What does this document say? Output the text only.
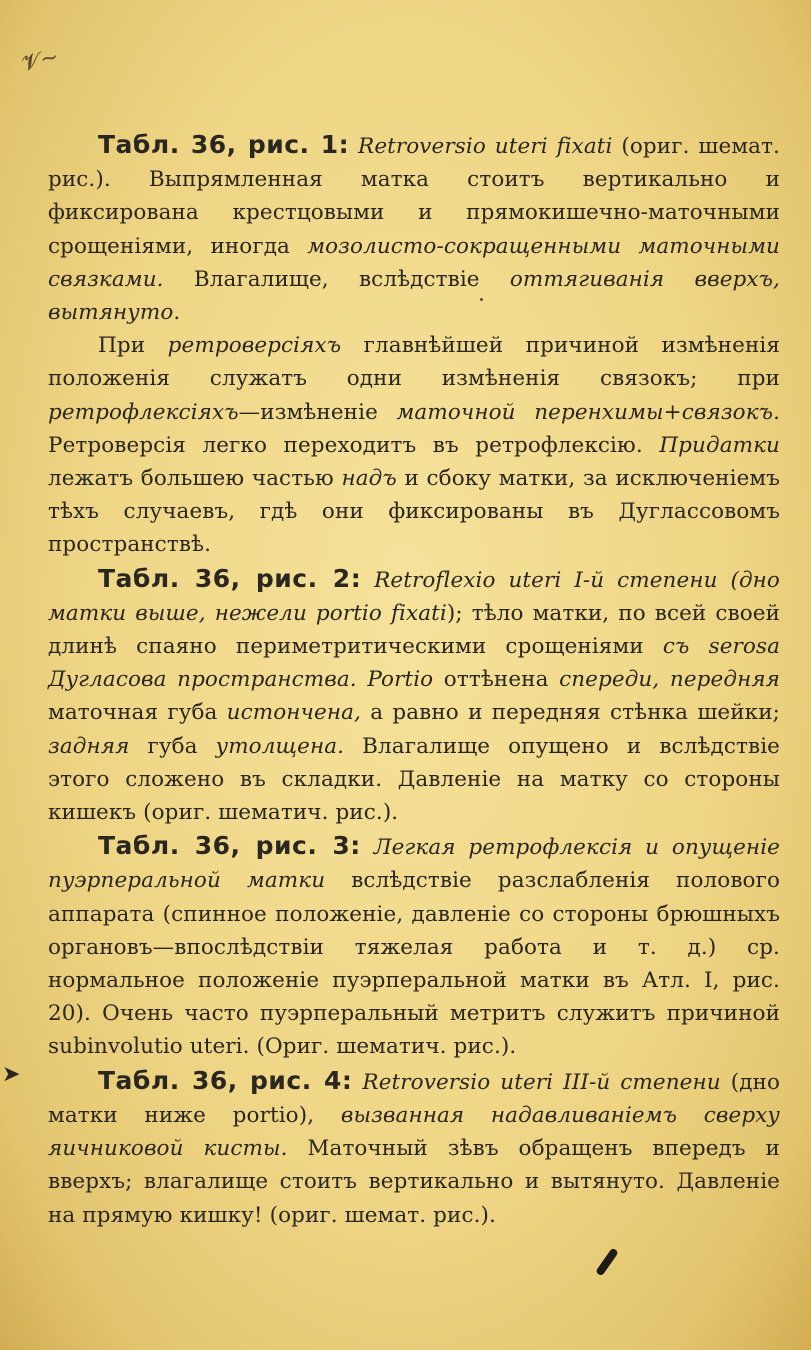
𝓥~
➤

Табл. 36, рис. 1: Retroversio uteri fixati (ориг. шемат. рис.). Выпрямленная матка стоитъ вертикально и фиксирована крестцовыми и прямокишечно-маточными срощеніями, иногда мозолисто-сокращенными маточными связками. Влагалище, вслѣдствіе оттягиванія вверхъ, вытянуто.

При ретроверсіяхъ главнѣйшей причиной измѣненія положенія служатъ одни измѣненія связокъ; при ретрофлексіяхъ—измѣненіе маточной перенхимы+связокъ. Ретроверсія легко переходитъ въ ретрофлексію. Придатки лежатъ большею частью надъ и сбоку матки, за исключеніемъ тѣхъ случаевъ, гдѣ они фиксированы въ Дуглассовомъ пространствѣ.

Табл. 36, рис. 2: Retroflexio uteri I-й степени (дно матки выше, нежели portio fixati); тѣло матки, по всей своей длинѣ спаяно периметритическими срощеніями съ serosa Дугласова пространства. Portio оттѣнена спереди, передняя маточная губа истончена, а равно и передняя стѣнка шейки; задняя губа утолщена. Влагалище опущено и вслѣдствіе этого сложено въ складки. Давленіе на матку со стороны кишекъ (ориг. шематич. рис.).

Табл. 36, рис. 3: Легкая ретрофлексія и опущеніе пуэрперальной матки вслѣдствіе разслабленія полового аппарата (спинное положеніе, давленіе со стороны брюшныхъ органовъ—впослѣдствіи тяжелая работа и т. д.) ср. нормальное положеніе пуэрперальной матки въ Атл. I, рис. 20). Очень часто пуэрперальный метритъ служитъ причиной subinvolutio uteri. (Ориг. шематич. рис.).

Табл. 36, рис. 4: Retroversio uteri III-й степени (дно матки ниже portio), вызванная надавливаніемъ сверху яичниковой кисты. Маточный зѣвъ обращенъ впередъ и вверхъ; влагалище стоитъ вертикально и вытянуто. Давленіе на прямую кишку! (ориг. шемат. рис.).
